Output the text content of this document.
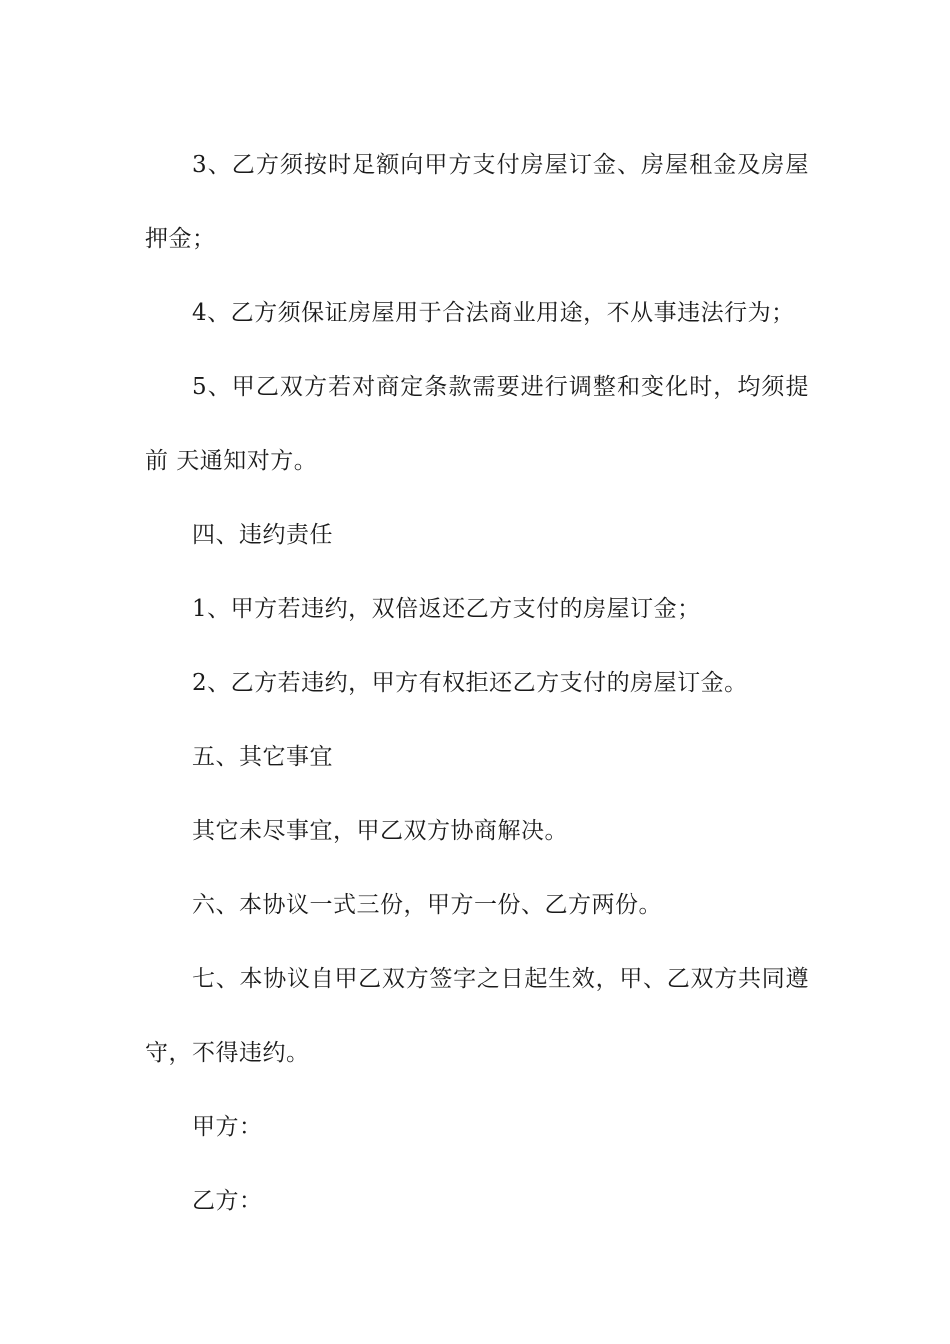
3、乙方须按时足额向甲方支付房屋订金、房屋租金及房屋押金；

4、乙方须保证房屋用于合法商业用途，不从事违法行为；

5、甲乙双方若对商定条款需要进行调整和变化时，均须提前 天通知对方。

四、违约责任

1、甲方若违约，双倍返还乙方支付的房屋订金；

2、乙方若违约，甲方有权拒还乙方支付的房屋订金。

五、其它事宜

其它未尽事宜，甲乙双方协商解决。

六、本协议一式三份，甲方一份、乙方两份。

七、本协议自甲乙双方签字之日起生效，甲、乙双方共同遵守，不得违约。

甲方：

乙方：
